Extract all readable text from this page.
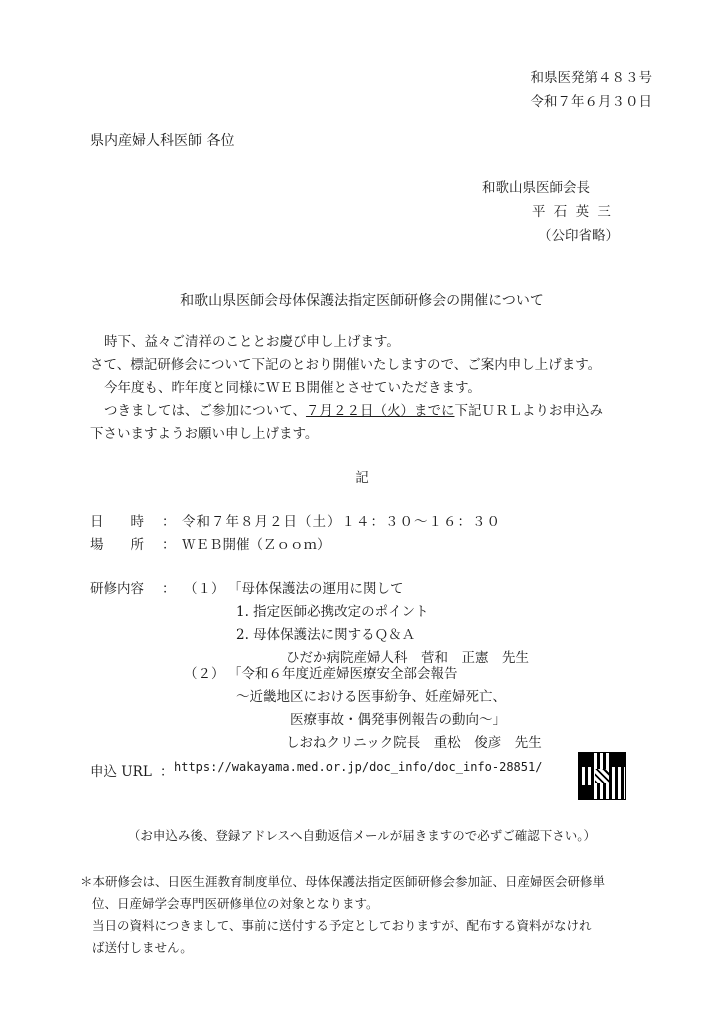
和県医発第４８３号
令和７年６月３０日
県内産婦人科医師 各位
和歌山県医師会長
平 石 英 三
（公印省略）
和歌山県医師会母体保護法指定医師研修会の開催について
時下、益々ご清祥のこととお慶び申し上げます。
さて、標記研修会について下記のとおり開催いたしますので、ご案内申し上げます。
今年度も、昨年度と同様にＷＥＢ開催とさせていただきます。
つきましては、ご参加について、７月２２日（火）までに下記ＵＲＬよりお申込み
下さいますようお願い申し上げます。
記
日　　時 ： 令和７年８月２日（土）１４：３０～１６：３０
場　　所 ： ＷＥＢ開催（Ｚｏｏｍ）
研修内容 ： （１） 「母体保護法の運用に関して
1. 指定医師必携改定のポイント
2. 母体保護法に関するＱ＆Ａ
ひだか病院産婦人科　菅和　正憲　先生
（２） 「令和６年度近産婦医療安全部会報告
～近畿地区における医事紛争、妊産婦死亡、
医療事故・偶発事例報告の動向～」
しおねクリニック院長　重松　俊彦　先生
申込 URL ： https://wakayama.med.or.jp/doc_info/doc_info-28851/
（お申込み後、登録アドレスへ自動返信メールが届きますので必ずご確認下さい。）
＊本研修会は、日医生涯教育制度単位、母体保護法指定医師研修会参加証、日産婦医会研修単
位、日産婦学会専門医研修単位の対象となります。
当日の資料につきまして、事前に送付する予定としておりますが、配布する資料がなけれ
ば送付しません。
